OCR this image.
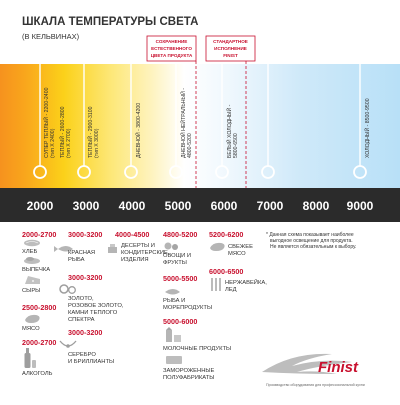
ШКАЛА ТЕМПЕРАТУРЫ СВЕТА
(В КЕЛЬВИНАХ)
СОХРАНЕНИЕ
ЕСТЕСТВЕННОГО
ЦВЕТА ПРОДУКТА
СТАНДАРТНОЕ
ИСПОЛНЕНИЕ
FINIST
СУПЕР ТЕПЛЫЙ - 2200-2400 (тип Х 2400) ТЕПЛЫЙ - 2600-2800 (тип Х 2700)	ТЕПЛЫЙ - 2900-3100 (тип Х 3000)	ДНЕВНОЙ - 3800-4200	ДНЕВНОЙ НЕЙТРАЛЬНЫЙ - 4800-5200	БЕЛЫЙ ХОЛОДНЫЙ - 5800-6500	ХОЛОДНЫЙ - 8500-9500
2000 3000 4000 5000 6000 7000 8000 9000
2000-2700
ХЛЕБ
ВЫПЕЧКА
СЫРЫ
2500-2800
МЯСО
2000-2700
АЛКОГОЛЬ
3000-3200
КРАСНАЯ
РЫБА
3000-3200
ЗОЛОТО,
РОЗОВОЕ ЗОЛОТО,
КАМНИ ТЕПЛОГО
СПЕКТРА
3000-3200
СЕРЕБРО
И БРИЛЛИАНТЫ
4000-4500
ДЕСЕРТЫ И
КОНДИТЕРСКИЕ
ИЗДЕЛИЯ
4800-5200
ОВОЩИ И
ФРУКТЫ
5000-5500
РЫБА И
МОРЕПРОДУКТЫ
5000-6000
МОЛОЧНЫЕ ПРОДУКТЫ
ЗАМОРОЖЕННЫЕ
ПОЛУФАБРИКАТЫ
5200-6200
СВЕЖЕЕ
МЯСО
6000-6500
НЕРЖАВЕЙКА,
ЛЕД
* Данная схема показывает наиболее
выгодное освещение для продукта.
Не является обязательным к выбору.
Finist
Производство оборудования для профессиональной кухни
